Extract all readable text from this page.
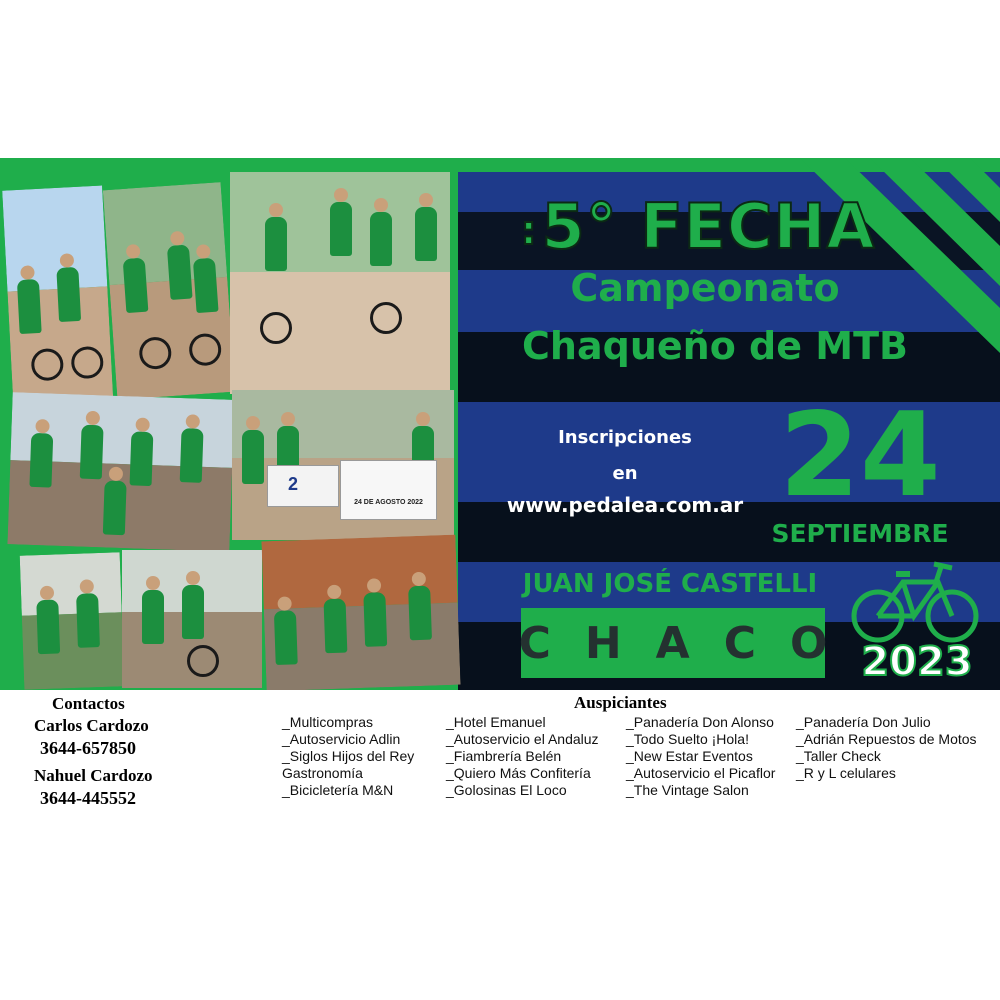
2
24 DE AGOSTO 2022
:5° FECHA
Campeonato
Chaqueño de MTB
Inscripciones
en
www.pedalea.com.ar 24
SEPTIEMBRE
JUAN JOSÉ CASTELLI
CHACO 2023
Contactos
Carlos Cardozo
3644-657850
Nahuel Cardozo
3644-445552
Auspiciantes
_Multicompras
_Autoservicio Adlin
_Siglos Hijos del Rey
Gastronomía
_Bicicletería M&N
_Hotel Emanuel
_Autoservicio el Andaluz
_Fiambrería Belén
_Quiero Más Confitería
_Golosinas El Loco
_Panadería Don Alonso
_Todo Suelto ¡Hola!
_New Estar Eventos
_Autoservicio el Picaflor
_The Vintage Salon
_Panadería Don Julio
_Adrián Repuestos de Motos
_Taller Check
_R y L celulares
